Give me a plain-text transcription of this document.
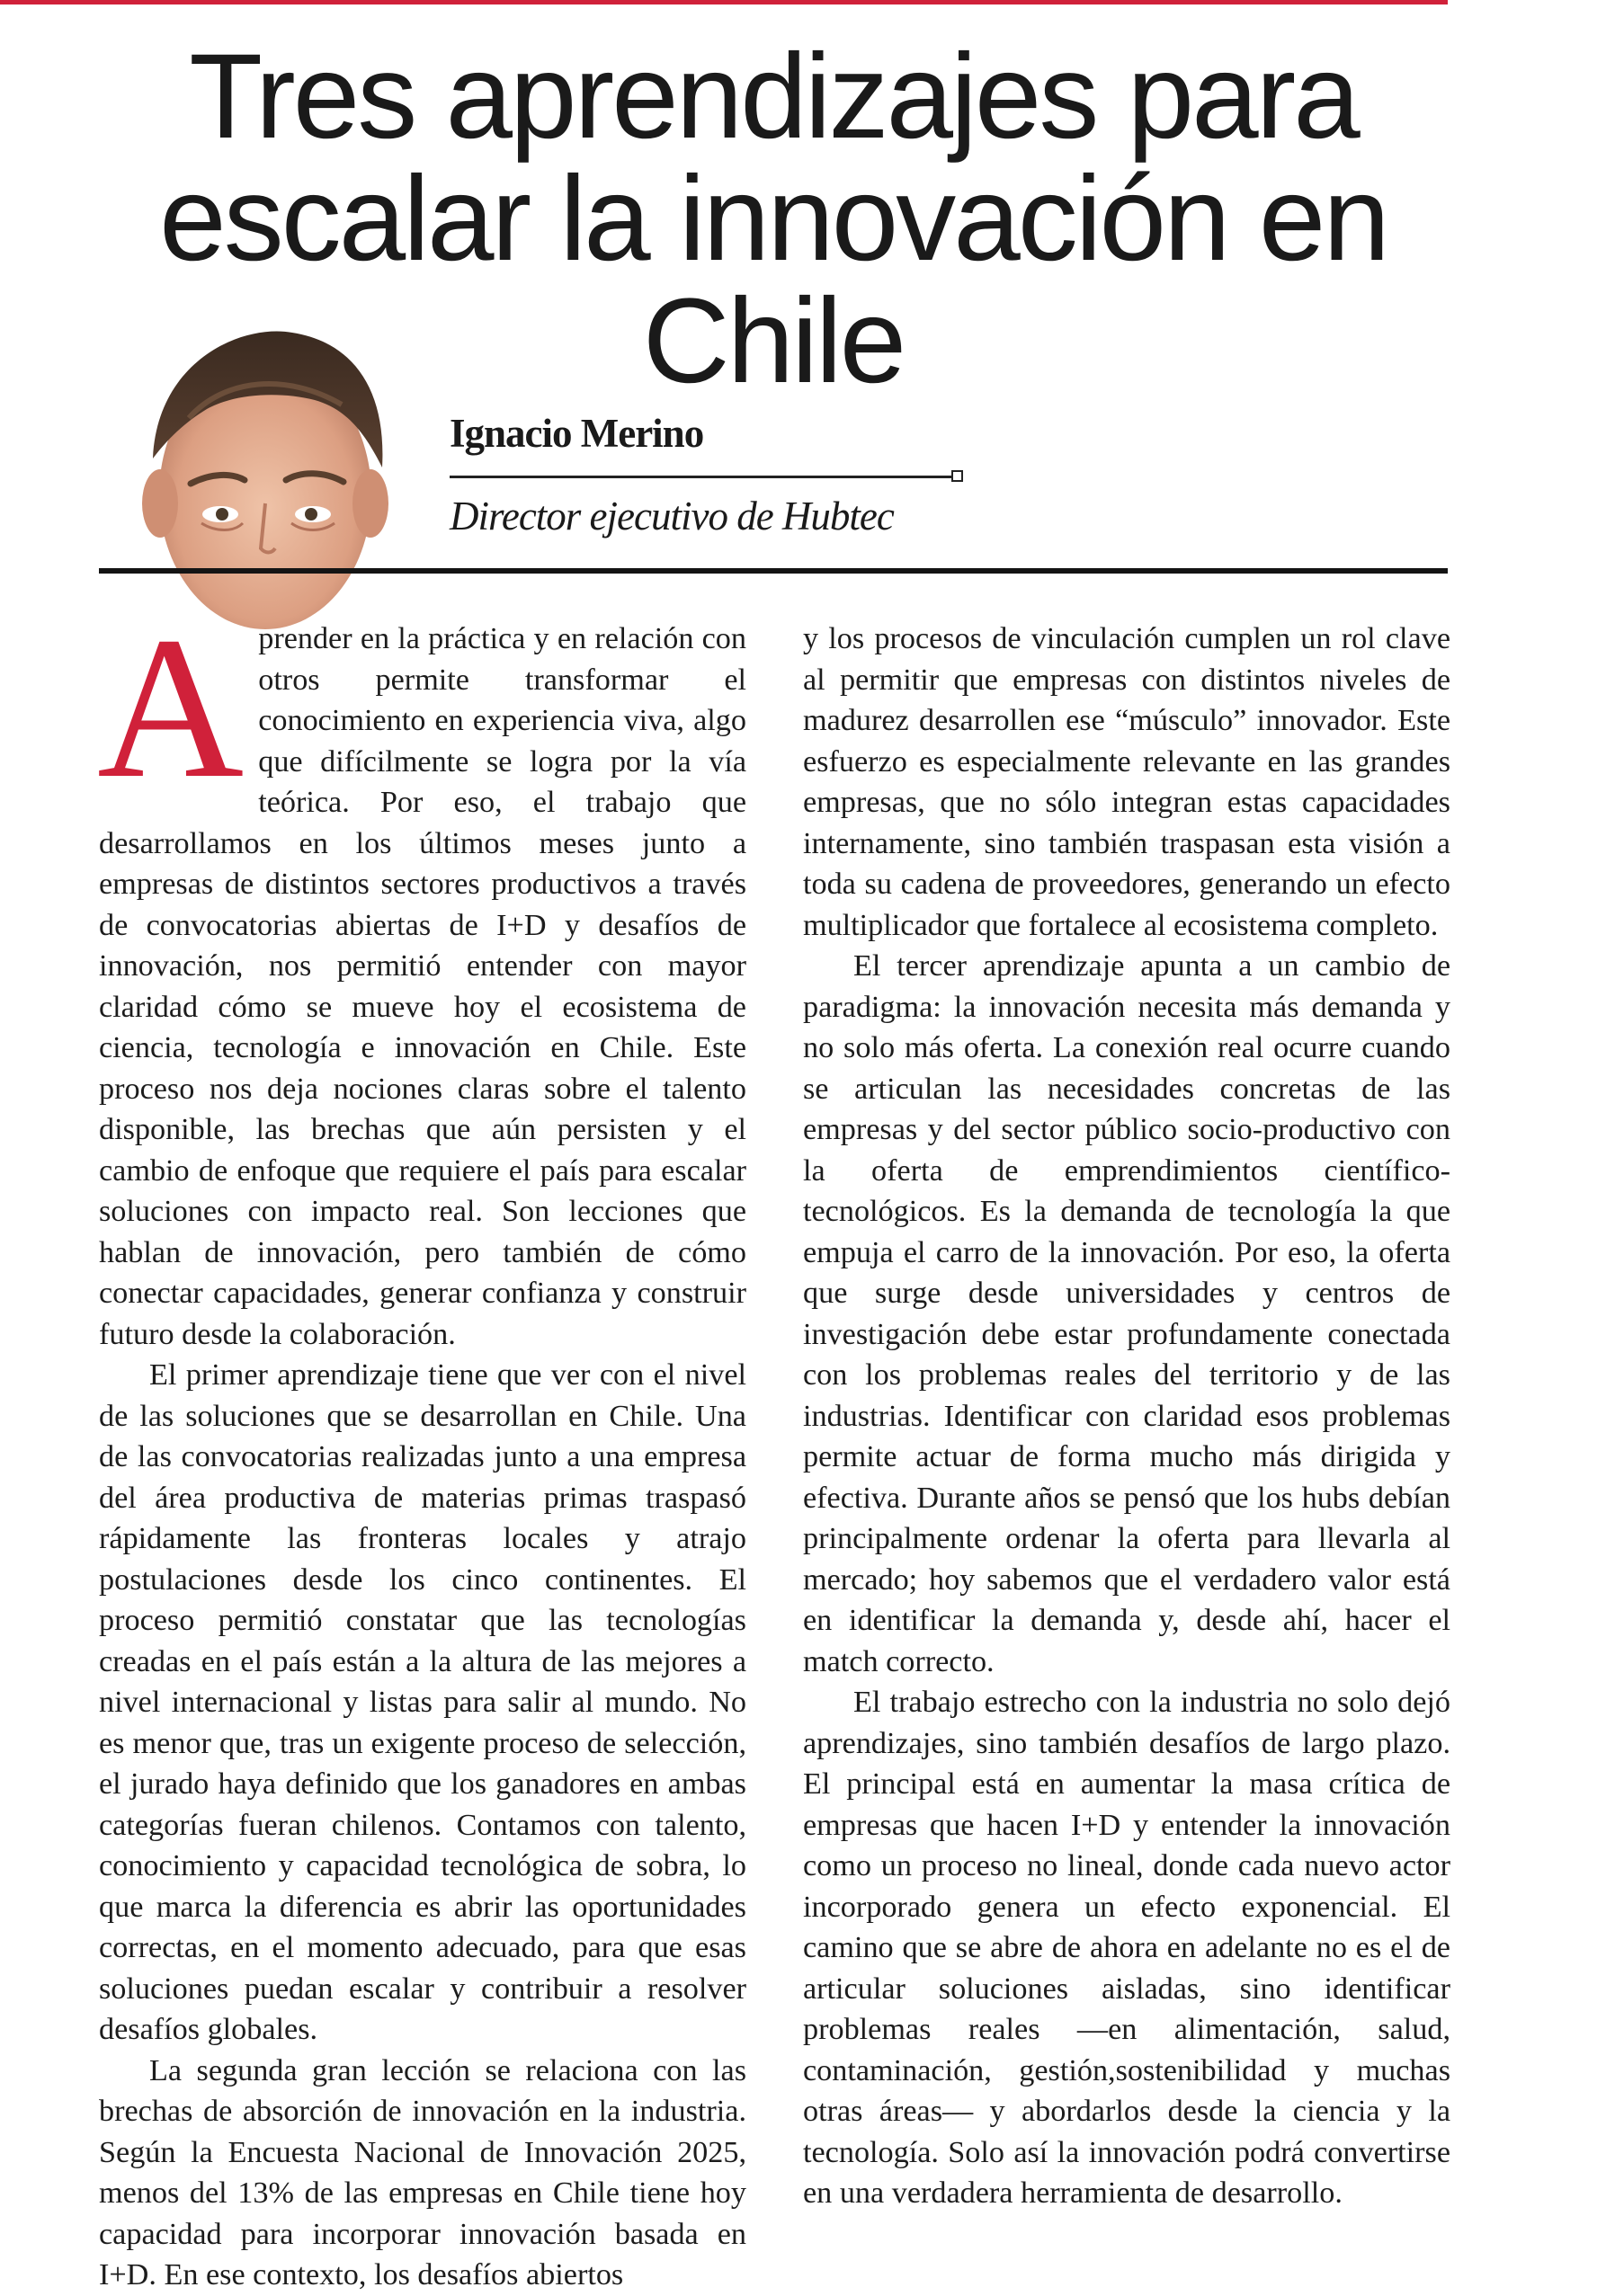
Tres aprendizajes para escalar la innovación en Chile
Ignacio Merino
Director ejecutivo de Hubtec

Aprender en la práctica y en relación con otros permite transformar el conocimiento en experiencia viva, algo que difícilmente se logra por la vía teórica. Por eso, el trabajo que desarrollamos en los últimos meses junto a empresas de distintos sectores productivos a través de convocatorias abiertas de I+D y desafíos de innovación, nos permitió entender con mayor claridad cómo se mueve hoy el ecosistema de ciencia, tecnología e innovación en Chile. Este proceso nos deja nociones claras sobre el talento disponible, las brechas que aún persisten y el cambio de enfoque que requiere el país para escalar soluciones con impacto real. Son lecciones que hablan de innovación, pero también de cómo conectar capacidades, generar confianza y construir futuro desde la colaboración.

El primer aprendizaje tiene que ver con el nivel de las soluciones que se desarrollan en Chile. Una de las convocatorias realizadas junto a una empresa del área productiva de materias primas traspasó rápidamente las fronteras locales y atrajo postulaciones desde los cinco continentes. El proceso permitió constatar que las tecnologías creadas en el país están a la altura de las mejores a nivel internacional y listas para salir al mundo. No es menor que, tras un exigente proceso de selección, el jurado haya definido que los ganadores en ambas categorías fueran chilenos. Contamos con talento, conocimiento y capacidad tecnológica de sobra, lo que marca la diferencia es abrir las oportunidades correctas, en el momento adecuado, para que esas soluciones puedan escalar y contribuir a resolver desafíos globales.

La segunda gran lección se relaciona con las brechas de absorción de innovación en la industria. Según la Encuesta Nacional de Innovación 2025, menos del 13% de las empresas en Chile tiene hoy capacidad para incorporar innovación basada en I+D. En ese contexto, los desafíos abiertos

y los procesos de vinculación cumplen un rol clave al permitir que empresas con distintos niveles de madurez desarrollen ese “músculo” innovador. Este esfuerzo es especialmente relevante en las grandes empresas, que no sólo integran estas capacidades internamente, sino también traspasan esta visión a toda su cadena de proveedores, generando un efecto multiplicador que fortalece al ecosistema completo.

El tercer aprendizaje apunta a un cambio de paradigma: la innovación necesita más demanda y no solo más oferta. La conexión real ocurre cuando se articulan las necesidades concretas de las empresas y del sector público socio-productivo con la oferta de emprendimientos científico-tecnológicos. Es la demanda de tecnología la que empuja el carro de la innovación. Por eso, la oferta que surge desde universidades y centros de investigación debe estar profundamente conectada con los problemas reales del territorio y de las industrias. Identificar con claridad esos problemas permite actuar de forma mucho más dirigida y efectiva. Durante años se pensó que los hubs debían principalmente ordenar la oferta para llevarla al mercado; hoy sabemos que el verdadero valor está en identificar la demanda y, desde ahí, hacer el match correcto.

El trabajo estrecho con la industria no solo dejó aprendizajes, sino también desafíos de largo plazo. El principal está en aumentar la masa crítica de empresas que hacen I+D y entender la innovación como un proceso no lineal, donde cada nuevo actor incorporado genera un efecto exponencial. El camino que se abre de ahora en adelante no es el de articular soluciones aisladas, sino identificar problemas reales —en alimentación, salud, contaminación, gestión,sostenibilidad y muchas otras áreas— y abordarlos desde la ciencia y la tecnología. Solo así la innovación podrá convertirse en una verdadera herramienta de desarrollo.
